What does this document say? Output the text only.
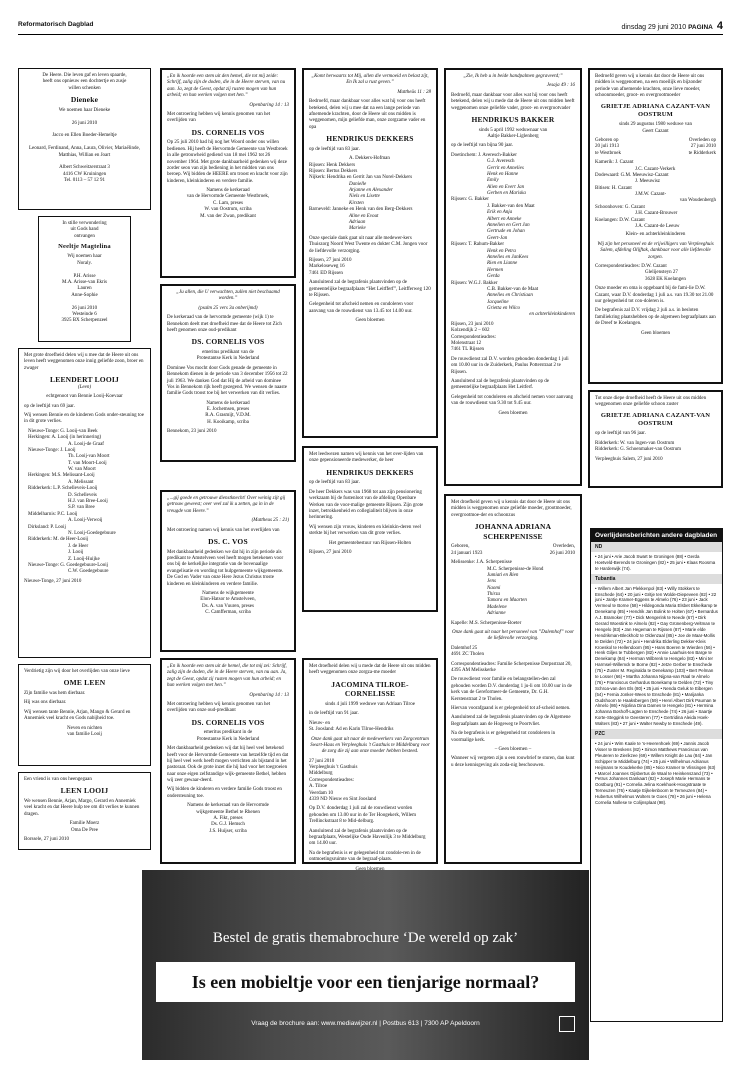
Reformatorisch Dagblad	dinsdag 29 juni 2010 PAGINA 4

De Heere. Die leven gaf en leven spaarde,
heeft ons opnieuw een dochtertje en zusje
willen schenken

Dieneke

We noemen haar Dieneke

26 juni 2010

Jacco en Ellen Boeder-Hemeltje

Leonard, Ferdinand, Anna, Laura, Olivier, Mariaёlinde, Matthias, Willian en Joart

Albert Schweitzerstraat 3
4416 CW Kruiningen
Tel. 0113 – 57 12 91

In stille verwondering
uit Gods hand
ontvangen

Neeltje Magtelina

Wij noemen haar
Noraly.

P.H. Arisse
M.A. Arisse-van Ekris
Lauren
Anne-Sophie

26 juni 2010
Westeinde 6
3925 BX Scherpenzeel

Met grote droefheid delen wij u mee dat de Heere uit ons leven heeft weggenomen onze innig geliefde zoon, broer en zwager

LEENDERT LOOIJ

(Leen)

echtgenoot van Bennie Looij-Koevaar

op de leeftijd van 69 jaar.

Wij wensen Bennie en de kinderen Gods onder-steuning toe in dit grote verlies.

Nieuwe-Tonge: G. Looij-van Beek
Herkingen: A. Looij (in herinnering)
A. Looij-de Graaf
Nieuwe-Tonge: J. Looij
Th. Looij-van Moort
T. van Moort-Looij
W. van Moort
Herkingen: M.S. Melissant-Looij
A. Melissant
Ridderkerk: L.P. Schelleveis-Looij
D. Schelleveis
H.J. van Bree-Looij
S.P. van Bree
Middelharnis: P.C. Looij
A. Looij-Verwoij
Dirksland: P. Looij
N. Looij-Goedegebuure
Ridderkerk: M. de Heer-Looij
J. de Heer
J. Looij
Z. Looij-Huijke
Nieuwe-Tonge: G. Goedegebuure-Looij
C.W. Goedegebuure

Nieuwe-Tonge, 27 juni 2010

Verdrietig zijn wij door het overlijden van onze lieve

OME LEEN

Zijn familie was hem dierbaar.

Hij was ons dierbaar.

Wij wensen tante Bennie, Arjan, Mango & Gerard en Annemiek veel kracht en Gods nabijheid toe.

Neven en nichten

van familie Looij

Een vriend is van ons heengegaan

LEEN LOOIJ

We wensen Bennie, Arjan, Margo, Gerard en Annemiek veel kracht en dat Heere hulp tee om dit verlies te kunnen dragen.

Familie Moerz

Oma De Pree

Borssele, 27 juni 2010

„En ik hoorde een stem uit den hemel, die tot mij zeide: Schrijf, zalig zijn de doden, die in de Heere sterven, van nu aan. Ja, zegt de Geest, opdat zij rusten mogen van hun arbeid; en hun werken volgen met hen.”

Openbaring 14 : 13

Met ontroering hebben wij kennis genomen van het overlijden van

DS. CORNELIS VOS

Op 25 juli 2010 had hij nog het Woord onder ons willen bedienen. Hij heeft de Hervormde Gemeente van Westbroek in alle getrouwheid gediend van 18 mei 1962 tot 26 november 1964. Met grote dankbaarheid gedenken wij deze zorder seon van zijn bediening in het midden van ons beroep. Wij bidden de HEERE om troost en kracht voor zijn kinderen, kleinkinderen en verdere familie.

Namens de kerkeraad
van de Hervormde Gemeente Westbroek,
C. Lam, preses
W. van Oostrum, scriba
M. van der Zwan, predikant

„Ju allen, die U verwachten, zullen niet beschaamd worden.”

(psalm 25 vers 3a onberijmd)

De kerkeraad van de hervormde gemeente (wijk 1) te Bennekom deelt met droefheid mee dat de Heere tot Zich heeft genomen onze oud-predikant

DS. CORNELIS VOS

emeritus predikant van de
Protestantse Kerk in Nederland

Dominee Vos mocht door Gods genade de gemeente in Bennekom dienen in de periode van 3 december 1956 tot 22 juli 1963. We danken God dat Hij de arbeid van dominee Vos in Bennekom rijk heeft gezegend. We wensen de naaste familie Gods troost toe bij het verwerken van dit verlies.

Namens de kerkeraad
E. Jochemsen, preses
R.A. Grasmijt, V.D.M.
H. Kooikamp, scriba

Bennekom, 23 juni 2010

„...gij goede en getrouwe dienstknecht! Over weinig zijt gij getrouw geweest; over veel zal ik u zetten, ga in in de vreugde van Heere.”

(Mattheus 25 : 21)

Met ontroering namen wij kennis van het overlijden van

DS. C. VOS

Met dankbaarheid gedenken we dat hij in zijn periode als predikant te Amstelveen veel heeft mogen betekenen voor ons bij de kerkelijke integratie van de bovenaalige evangelisatie en wording tot hulpgemeente wijkgemeente. De God en Vader van onze Here Jezus Christus troste kinderen en kleinkinderen en verdere familie.

Namens de wijkgemeente
Elon-Hatsor te Amstelveen,
Ds. A. van Vuuren, preses
C. Camfferman, scriba

„En ik hoorde een stem uit de hemel, die tot mij zei: Schrijf, zalig zijn de doden, die in de Heere sterven, van nu aan. Ja, zegt de Geest, opdat zij rusten mogen van hun arbeid; en hun werken volgen met hen.”

Openbaring 14 : 13

Met ontroering hebben wij kennis genomen van het overlijden van onze oud-predikant

DS. CORNELIS VOS

emeritus predikant in de
Protestantse Kerk in Nederland

Met dankbaarheid gedenken wij dat hij heel veel betekend heeft voor de Hervormde Gemeente van hetzelfde tijd en dat hij heel veel werk heeft mogen verrichten als bijstand in het pastoraat. Ook de grote inzet die hij had voor het toegroeien naar onze eigen zelfstandige wijk-gemeente Bethel, hebben wij zeer gewaar-deerd.

Wij bidden de kinderen en verdere familie Gods troost en ondersteuning toe.

Namens de kerkeraad van de Hervormde
wijkgemeente Bethel te Rhenen
A. Fikt, preses
Ds. G.J. Hemsch
J.S. Huijser, scriba

„Komt herwaarts tot Mij, allen die vermoeid en belast zijt, En Ik zal u rust geven.”

Mattheüs 11 : 28

Bedroefd, maar dankbaar voor alles wat hij voor ons heeft betekend, delen wij u mee dat na een lange periode van afnemende krachten, door de Heere uit ons midden is weggenomen, mijn geliefde man, onze zorgzame vader en opa

HENDRIKUS DEKKERS

op de leeftijd van 83 jaar.

A. Dekkers-Hofman
Rijssen: Henk Dekkers
Rijssen: Bertus Dekkers
Nijkerk: Hendrika en Gerrit Jan van Norel-Dekkers
Danielle
Arjanne en Alexander
Niels en Lisette
Kirsten
Barneveld: Janneke en Henk van den Berg-Dekkers
Aline en Evout
Adriaan
Marieke

Onze speciale dank gaat uit naar alle medewer-kers Thuiszorg Noord West Twente en dokter C.M. Jongen voor de liefdevolle verzorging.

Rijssen, 27 juni 2010
Markeloseweg 16
7461 ED Rijssen

Aansluitend zal de begrafenis plaatsvinden op de gemeentelijke begraafplaats “Het Leitfferf”, Leitfferweg 120 te Rijssen.

Gelegenheid tot afscheid nemen en condoleren voor aanvang van de rouwdienst van 13.45 tot 14.00 uur.

Geen bloemen

Met leedwezen namen wij kennis van het over-lijden van onze gepensioneerde medewerker, de heer

HENDRIKUS DEKKERS

op de leeftijd van 83 jaar.

De heer Dekkers was van 1968 tot aan zijn pensionering werkzaam bij de fustenloot van de afdeling Openbare Werken van de voor-malige gemeente Rijssen. Zijn grote inzet, betrokkenheid en collegialiteit blijven in onze herinnering.

Wij wensen zijn vrouw, kinderen en kleinkin-deren veel sterkte bij het verwerken van dit grote verlies.

Het gemeentebestuur van Rijssen-Holten

Rijssen, 27 juni 2010

Met droefheid delen wij u mede dat de Heere uit ons midden heeft weggenomen onze zorgza-me moeder

JACOMINA TILROE-CORNELISSE

sinds 4 juli 1999 weduwe van Adriaan Tilroe

in de leeftijd van 91 jaar.

Nieuw- en
St. Joosland: Ad en Karin Tilroe-Hendriks

Onze dank gaat uit naar de medewerkers van Zorgcentrum Swart-Haas en Verpleeghuis 't Gasthuis te Middelburg voor de zorg die zij aan onze moeder hebben besteed.

27 juni 2010
Verpleeghuis 't Gasthuis
Middelburg
Correspondentieadres:
A. Tilroe
Veerdam 10
4339 ND Nieuw en Sint Joosland

Op D.V. donderdag 1 juli zal de rouwdienst worden gehouden om 13.00 uur in de Ter Hoogekerk, Willem Trellinckstraat 8 te Mid-delburg.

Aansluitend zal de begrafenis plaatsvinden op de begraafplaats, Westelijke Oude Havenlijk 3 te Middelburg om 14.00 uur.

Na de begrafenis is er gelegenheid tot condole-ren in de ontmoetingsruimte van de begraaf-plaats.

„Zie, Ik heb u in beide handpalmen gegraveerd;”

Jesaja 49 : 16

Bedroefd, maar dankbaar voor alles wat hij voor ons heeft betekend, delen wij u mede dat de Heere uit ons midden heeft weggenomen onze geliefde vader, groot- en overgrootvader

HENDRIKUS BAKKER

sinds 5 april 1992 weduwnaar van
Aaltje Bakker-Liglenberg

op de leeftijd van bijna 90 jaar.

Doetinchem: J. Averesch-Bakker
G.J. Averesch
Gerrit en Annelies
Henk en Hanne
Emily
Alien en Evert Jan
Gerben en Mariska
Rijssen: G. Bakker
J. Bakker-van den Maat
Erik en Anja
Albert en Anneke
Annelien en Gert Jan
Gertrude en Johan
Geert-Jan
Rijssen: T. Rahum-Bakker
Henk en Petra
Annelies en JanKees
Rien en Lianne
Hermen
Gerda
Rijssen: W.G.J. Bakker
C.B. Bakker-van de Maat
Annelies en Christiaan
Jacqueline
Grietta en Wilco
en achterkleinkinderen

Rijssen, 23 juni 2010
Kolzendijk 2 – 602
Correspondentieadres:
Molenstraat 12
7461 TL Rijssen

De rouwdienst zal D.V. worden gehouden donderdag 1 juli om 10.00 uur in de Zuiderkerk, Paulus Potterstraat 2 te Rijssen.

Aansluitend zal de begrafenis plaatsvinden op de gemeentelijke begraafplaats Het Leitferf.

Gelegenheid tot condoleren en afscheid nemen voor aanvang van de rouwdienst van 9.30 tot 9.45 uur.

Geen bloemen

Met droefheid geven wij u kennis dat door de Heere uit ons midden is weggenomen onze geliefde moeder, grootmoeder, overgrootmoe-der en schoonzus

JOHANNA ADRIANA SCHERPENISSE
Geboren,
24 januari 1923
Overleden,
26 juni 2010
Melissenke: J.A. Scherpenisse
M.C. Scherpenisse-de Hond
Jumiati en Rien
Jens
Naomi
Thirza
Tamara en Maarten
Madelene
Adrianne
Kapelle: M.S. Scherpenisse-Boeter

Onze dank gaat uit naar het personeel van ”Dalemhof” voor de liefdevolle verzorging.

Dalemhof 25
4691 ZC Tholen

Correspondentieadres: Familie Scherpenisse Dorpsstraat 20, 4395 AM Melisskerke

De rouwdienst voor familie en belangstellen-den zal gehouden worden D.V. donderdag 1 ju-li om 10.00 uur in de kerk van de Gereformeer-de Gemeente, Dr. G.H. Kerstenstraat 2 te Tholen.

Hiervan voorafgaand is er gelegenheid tot af-scheid nemen.

Aansluitend zal de begrafenis plaatsvinden op de Algemene Begraafplaats aan de Hogeweg te Poortvliet.

Na de begrafenis is er gelegenheid tot condoleren in voormalige kerk.

– Geen bloemen –

Wanneer wij vergeten zijn u een rouwbrief te sturen, dan kunt u deze kennisgeving als zoda-nig beschouwen.

Bedroefd geven wij u kennis dat door de Heere uit ons midden is weggenomen, na een moeilijk en bijzonder periode van afnemende krachten, onze lieve moeder, schoonmoeder, groot- en overgrootmoeder

GRIETJE ADRIANA CAZANT-VAN OOSTRUM

sinds 29 augustus 1980 weduwe van
Geert Cazant

Geboren op
20 juli 1913
te Westbroek
Overleden op
27 juni 2010
te Ridderkerk
Kamerik: J. Cazant
J.C. Cazant-Verkerk
Dodewaard: G.M. Meeuwisz-Cazant
J. Meeuwisz
Bitisen: H. Cazant
J.M.W. Cazant-
van Woudenbergh
Schoonhoven: G. Cazant
J.H. Cazant-Brouwer
Koelangen: D.W. Cazant
J.A. Cazant-de Leeuw
Klein- en achterkleinkinderen

Wij zijn het personeel en de vrijwilligers van Verpleeghuis Salem, afdeling Olijftak, dankbaar voor alle liefdevolle zorgen.

Correspondentieadres: D.W. Cazant
Glelijensteyn 27
3628 EK Koelangen

Onze moeder en oma is opgebaard bij de fami-lie D.W. Cazant, waar D.V. donderdag 1 juli a.s. van 19.30 tot 21.00 uur gelegenheid tot con-doleren is.

De begrafenis zal D.V. vrijdag 2 juli a.s. in besloten familiekring plaatshebben op de algemeen begraafplaats aan de Dreef te Koelangen.

Geen bloemen

Tot onze diepe droefheid heeft de Heere uit ons midden weggenomen onze geliefde schoon zuster

GRIETJE ADRIANA CAZANT-VAN OOSTRUM

op de leeftijd van 96 jaar.

Ridderkerk: W. van Ingen-van Oostrum
Ridderkerk: G. Schoenmaker-van Oostrum

Verpleeghuis Salem, 27 juni 2010

Overlijdensberichten andere dagbladen
ND
• 24 juni • Arie Jacob Swart te Groningen (88) • Gerda Hoetveld-Berends te Groningen (82) • 25 juni • Klaas Roosma te Harderwijk (74).
Tubantia
• Willem Albert Jan Plekkenpol (83) • Willy Stokkers te Enschede (64) • 20 juni • Gritje ten Wolde-Diepeveen (82) • 22 juni • Jantje Kramer-Eggens te Almelo (76) • 23 juni • Jack Vermeul te Borne (58) • Hildegonda Maria Elsbet Ekkelkamp te Denekamp (85) • Hendrik Jan Bolink te Holten (67) • Bernardus A.J. Bramoker (77) • Dick Mengerink te Neede (67) • Dirk Gerard Woestink te Almelo (82) • Gay Grünenberg-Veltman te Hengelo (83) • Jan Hegeman te Rijssen (87) • Marie elde Hendrikman-Bleckholz te Oldenzaal (85) • Joe de Maar-Mollis te Delden (72) • 24 juni • Hendrika Elderling Dekker-Kleis Kroeskol te Hellendoorn (95) • Hans Boeren te Wierden (56) • Henk Giljes te Tubbergen (82) • Annie Laarhuis-ten Barge te Denekamp (84) • Herman Wilbrenk te Hengelo (83) • Mini ter Harmsel-Willemck te Borne (82) • Jetze Gerber te Enschede (75) • Zuster M. Reginalda te Denekamp (103) • Bert Pelman te Losser (66) • Martha Johanna Nijpna-van Raal te Almelo (76) • Franciscus Gerhardus Bonekamp te Delden (72) • Tiny Schroa-van den Els (80) • 25 juni • Nenda Geluk te Eibergen (54) • Femia Jonker-Wees te Enschede (81) • Marijanka Oudshoorn te Haaksbergen (59) • Henri Albert Dirk Pauman te Almelo (86) • Nijolina Dina Dames te Hengelo (81) • Hermina Johanna Boshoff-Lagten te Enschede (74) • 26 juni • Saartje Korte-Steggink te Geesteren (77) • Gertridina Aleida Hoek-Walters (83) • 27 juni • Walter Newby te Enschede (49).
PZC
• 24 juni • Wim Kaale te 's-Heerenhoek (69) • Jannis Jacob Visser te Breskens (82) • Simon Matthews Franciscus van Pleuteren te Zierikzee (69) • Willem Knight de Lau (84) • Jan Schipper te Middelburg (74) • 25 juni • Wilhelmus Adrianus Heijmans te Koudekerke (85) • Nico Kramer te Vlissingen (63) • Marcel Joannes Gijsbertus de Waal te Heinkenszand (73) • Petrus Johannes Dankaart (82) • Joseph Marie Hermans te Oostburg (91) • Cornelia Jelina Koekhoek-Hoogstraate te Terneuzen (76) • Kaatje Eijkelenboom te Terneuzen (84) • Hubertus Wilhelmus Wolters te Goes (78) • 26 juni • Helena Cornelia Nollese te Colijnsplaat (98).
Bestel de gratis themabrochure ‘De wereld op zak’
Is een mobieltje voor een tienjarige normaal?
Vraag de brochure aan: www.mediawijzer.nl | Postbus 613 | 7300 AP Apeldoorn
